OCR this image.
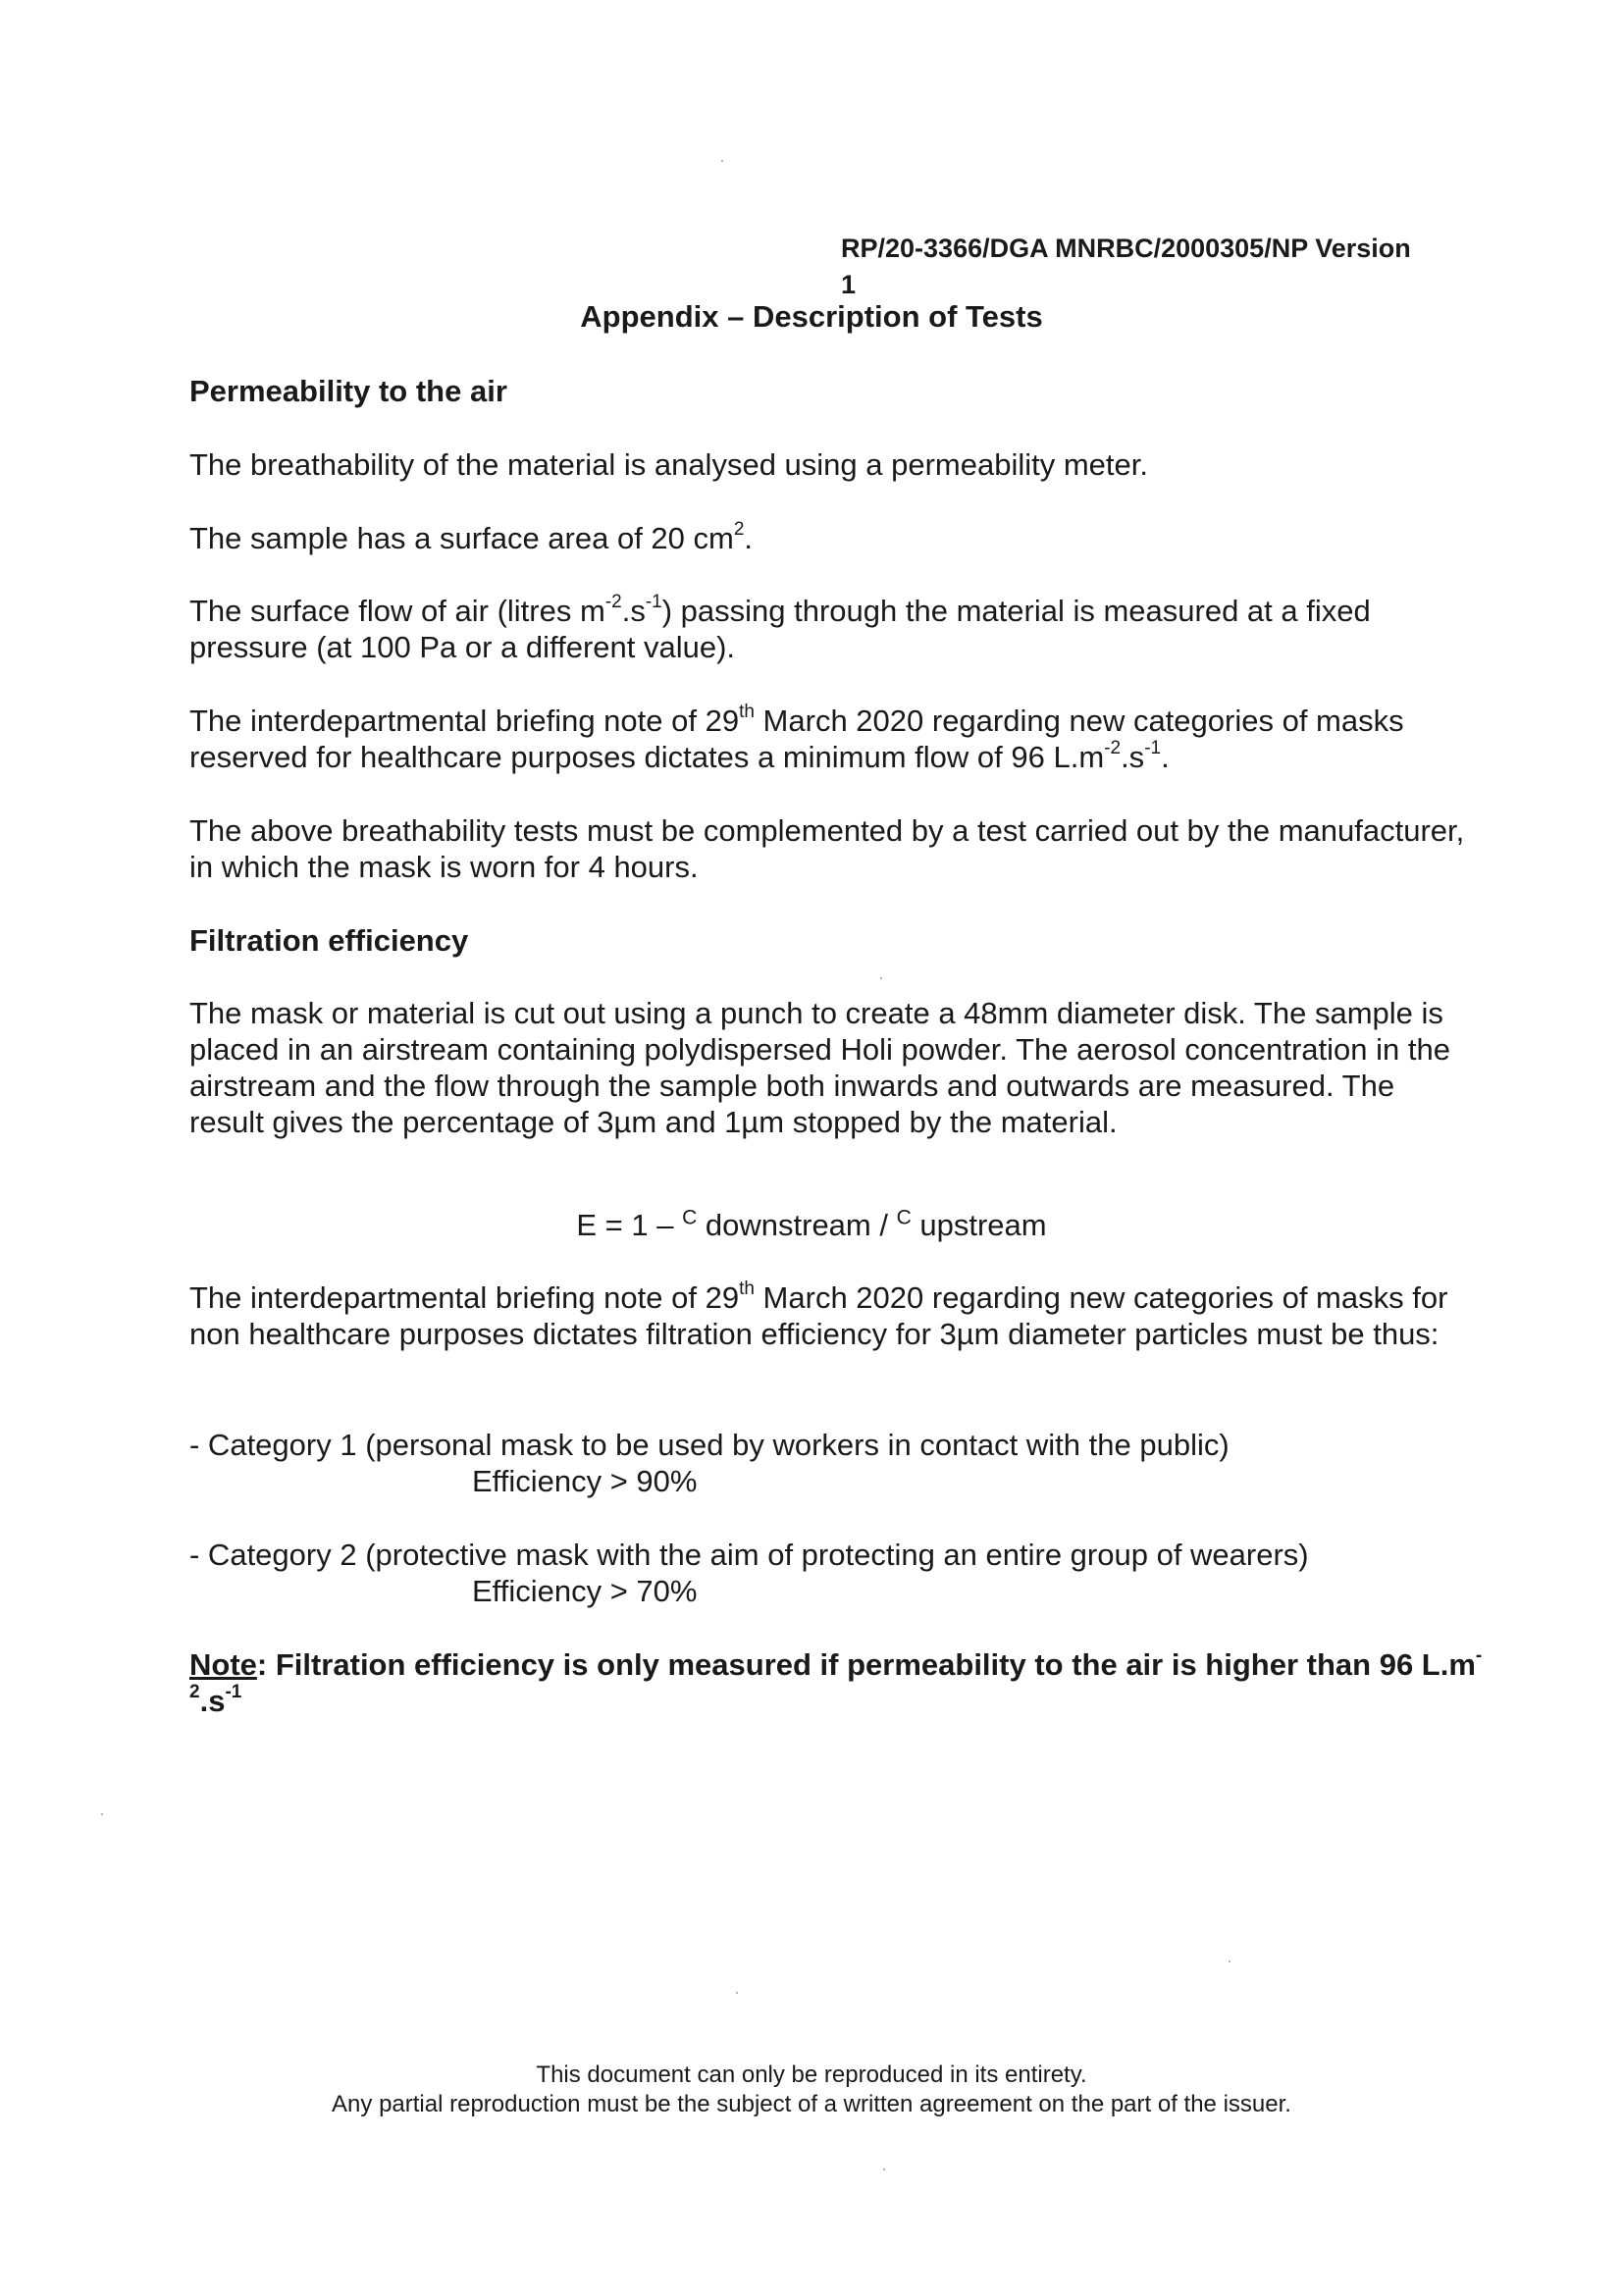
RP/20-3366/DGA MNRBC/2000305/NP Version 1
Appendix – Description of Tests
Permeability to the air
The breathability of the material is analysed using a permeability meter.
The sample has a surface area of 20 $cm^2$.
The surface flow of air (litres $m^{-2}.s^{-1}$) passing through the material is measured at a fixed pressure (at 100 Pa or a different value).
The interdepartmental briefing note of 29th March 2020 regarding new categories of masks reserved for healthcare purposes dictates a minimum flow of 96 $L.m^{-2}.s^{-1}$.
The above breathability tests must be complemented by a test carried out by the manufacturer, in which the mask is worn for 4 hours.
Filtration efficiency
The mask or material is cut out using a punch to create a 48mm diameter disk. The sample is placed in an airstream containing polydispersed Holi powder. The aerosol concentration in the airstream and the flow through the sample both inwards and outwards are measured. The result gives the percentage of 3µm and 1µm stopped by the material.
E = 1 – $^C$ downstream / $^C$ upstream
The interdepartmental briefing note of 29th March 2020 regarding new categories of masks for non healthcare purposes dictates filtration efficiency for 3µm diameter particles must be thus:
- Category 1 (personal mask to be used by workers in contact with the public)
Efficiency > 90%
- Category 2 (protective mask with the aim of protecting an entire group of wearers)
Efficiency > 70%
Note: Filtration efficiency is only measured if permeability to the air is higher than 96 $L.m^{-2}.s^{-1}$
This document can only be reproduced in its entirety.
Any partial reproduction must be the subject of a written agreement on the part of the issuer.
